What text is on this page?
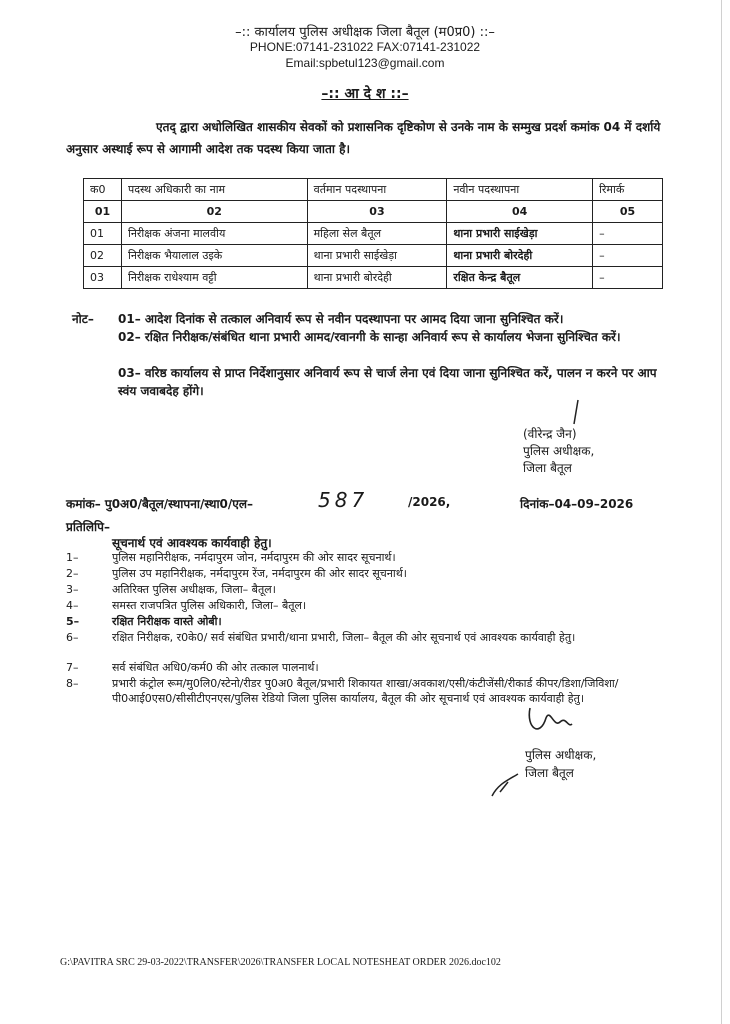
–:: कार्यालय पुलिस अधीक्षक जिला बैतूल (म0प्र0) ::–
PHONE:07141-231022 FAX:07141-231022
Email:spbetul123@gmail.com
–:: आ दे श ::–
एतद् द्वारा अधोलिखित शासकीय सेवकों को प्रशासनिक दृष्टिकोण से उनके नाम के सम्मुख प्रदर्श कमांक 04 में दर्शाये अनुसार अस्थाई रूप से आगामी आदेश तक पदस्थ किया जाता है।
क0	पदस्थ अधिकारी का नाम	वर्तमान पदस्थापना	नवीन पदस्थापना	रिमार्क
01	02	03	04	05
01	निरीक्षक अंजना मालवीय	महिला सेल बैतूल	थाना प्रभारी साईखेड़ा	–
02	निरीक्षक भैयालाल उइके	थाना प्रभारी साईखेड़ा	थाना प्रभारी बोरदेही	–
03	निरीक्षक राधेश्याम वट्टी	थाना प्रभारी बोरदेही	रक्षित केन्द्र बैतूल	–
नोट– 01– आदेश दिनांक से तत्काल अनिवार्य रूप से नवीन पदस्थापना पर आमद दिया जाना सुनिश्चित करें।
02– रक्षित निरीक्षक/संबंधित थाना प्रभारी आमद/रवानगी के सान्हा अनिवार्य रूप से कार्यालय भेजना सुनिश्चित करें।
03– वरिष्ठ कार्यालय से प्राप्त निर्देशानुसार अनिवार्य रूप से चार्ज लेना एवं दिया जाना सुनिश्चित करें, पालन न करने पर आप स्वंय जवाबदेह होंगे।
(वीरेन्द्र जैन)
पुलिस अधीक्षक,
जिला बैतूल
कमांक– पु0अ0/बैतूल/स्थापना/स्था0/एल–	587	/2026,	दिनांक–04–09–2026
प्रतिलिपि–
सूचनार्थ एवं आवश्यक कार्यवाही हेतु।
1–	पुलिस महानिरीक्षक, नर्मदापुरम जोन, नर्मदापुरम की ओर सादर सूचनार्थ।
2–	पुलिस उप महानिरीक्षक, नर्मदापुरम रेंज, नर्मदापुरम की ओर सादर सूचनार्थ।
3–	अतिरिक्त पुलिस अधीक्षक, जिला– बैतूल।
4–	समस्त राजपत्रित पुलिस अधिकारी, जिला– बैतूल।
5–	रक्षित निरीक्षक वास्ते ओबी।
6–	रक्षित निरीक्षक, र0के0/ सर्व संबंधित प्रभारी/थाना प्रभारी, जिला– बैतूल की ओर सूचनार्थ एवं आवश्यक कार्यवाही हेतु।
7–	सर्व संबंधित अधि0/कर्म0 की ओर तत्काल पालनार्थ।
8–	प्रभारी कंट्रोल रूम/मु0लि0/स्टेनो/रीडर पु0अ0 बैतूल/प्रभारी शिकायत शाखा/अवकाश/एसी/कंटीजेंसी/रीकार्ड कीपर/डिशा/जिविशा/पी0आई0एस0/सीसीटीएनएस/पुलिस रेडियो जिला पुलिस कार्यालय, बैतूल की ओर सूचनार्थ एवं आवश्यक कार्यवाही हेतु।
पुलिस अधीक्षक,
जिला बैतूल
G:\PAVITRA SRC 29-03-2022\TRANSFER\2026\TRANSFER LOCAL NOTESHEAT ORDER 2026.doc102
